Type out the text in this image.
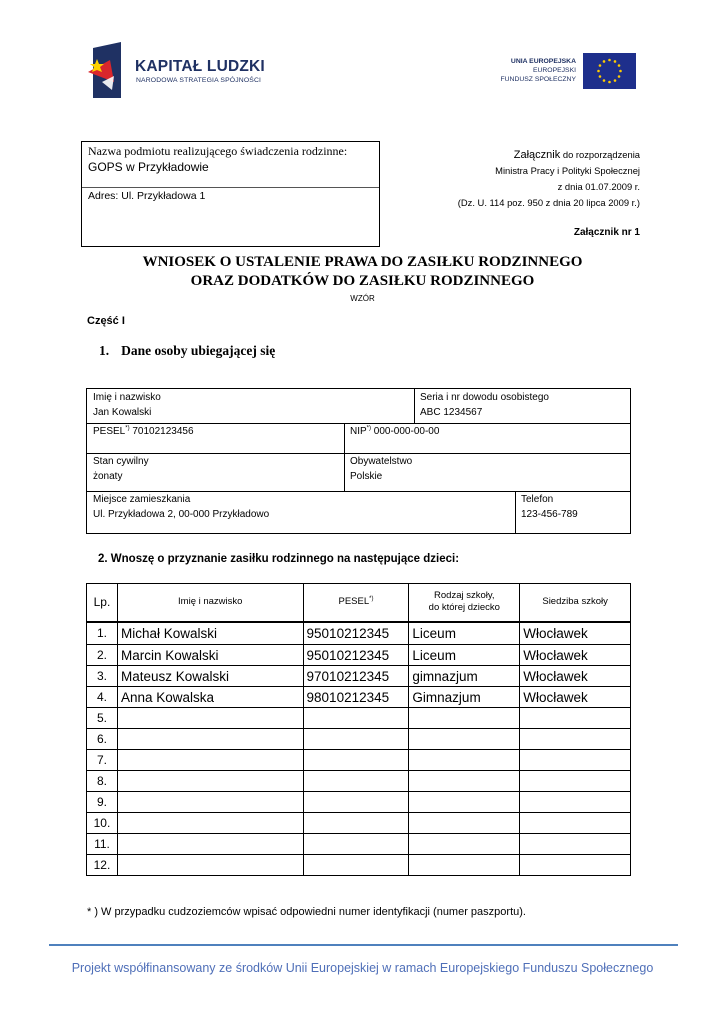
KAPITAŁ LUDZKI
NARODOWA STRATEGIA SPÓJNOŚCI
UNIA EUROPEJSKA
EUROPEJSKI
FUNDUSZ SPOŁECZNY
Nazwa podmiotu realizującego świadczenia rodzinne:
GOPS w Przykładowie
Adres: Ul. Przykładowa 1
Załącznik do rozporządzenia
Ministra Pracy i Polityki Społecznej
z dnia 01.07.2009 r.
(Dz. U. 114 poz. 950 z dnia 20 lipca 2009 r.)
Załącznik nr 1
WNIOSEK O USTALENIE PRAWA DO ZASIŁKU RODZINNEGO
ORAZ DODATKÓW DO ZASIŁKU RODZINNEGO
WZÓR
Część I
1. Dane osoby ubiegającej się
Imię i nazwisko
Jan Kowalski
Seria i nr dowodu osobistego
ABC 1234567
PESEL*) 70102123456	NIP*) 000-000-00-00
Stan cywilny
żonaty
Obywatelstwo
Polskie
Miejsce zamieszkania
Ul. Przykładowa 2, 00-000 Przykładowo
Telefon
123-456-789
2. Wnoszę o przyznanie zasiłku rodzinnego na następujące dzieci:
Lp.	Imię i nazwisko	PESEL*)	Rodzaj szkoły,
do której dziecko	Siedziba szkoły
1.	Michał Kowalski	95010212345	Liceum	Włocławek
2.	Marcin Kowalski	95010212345	Liceum	Włocławek
3.	Mateusz Kowalski	97010212345	gimnazjum	Włocławek
4.	Anna Kowalska	98010212345	Gimnazjum	Włocławek
5.				
6.				
7.				
8.				
9.				
10.				
11.				
12.				
* ) W przypadku cudzoziemców wpisać odpowiedni numer identyfikacji (numer paszportu).
Projekt współfinansowany ze środków Unii Europejskiej w ramach Europejskiego Funduszu Społecznego
